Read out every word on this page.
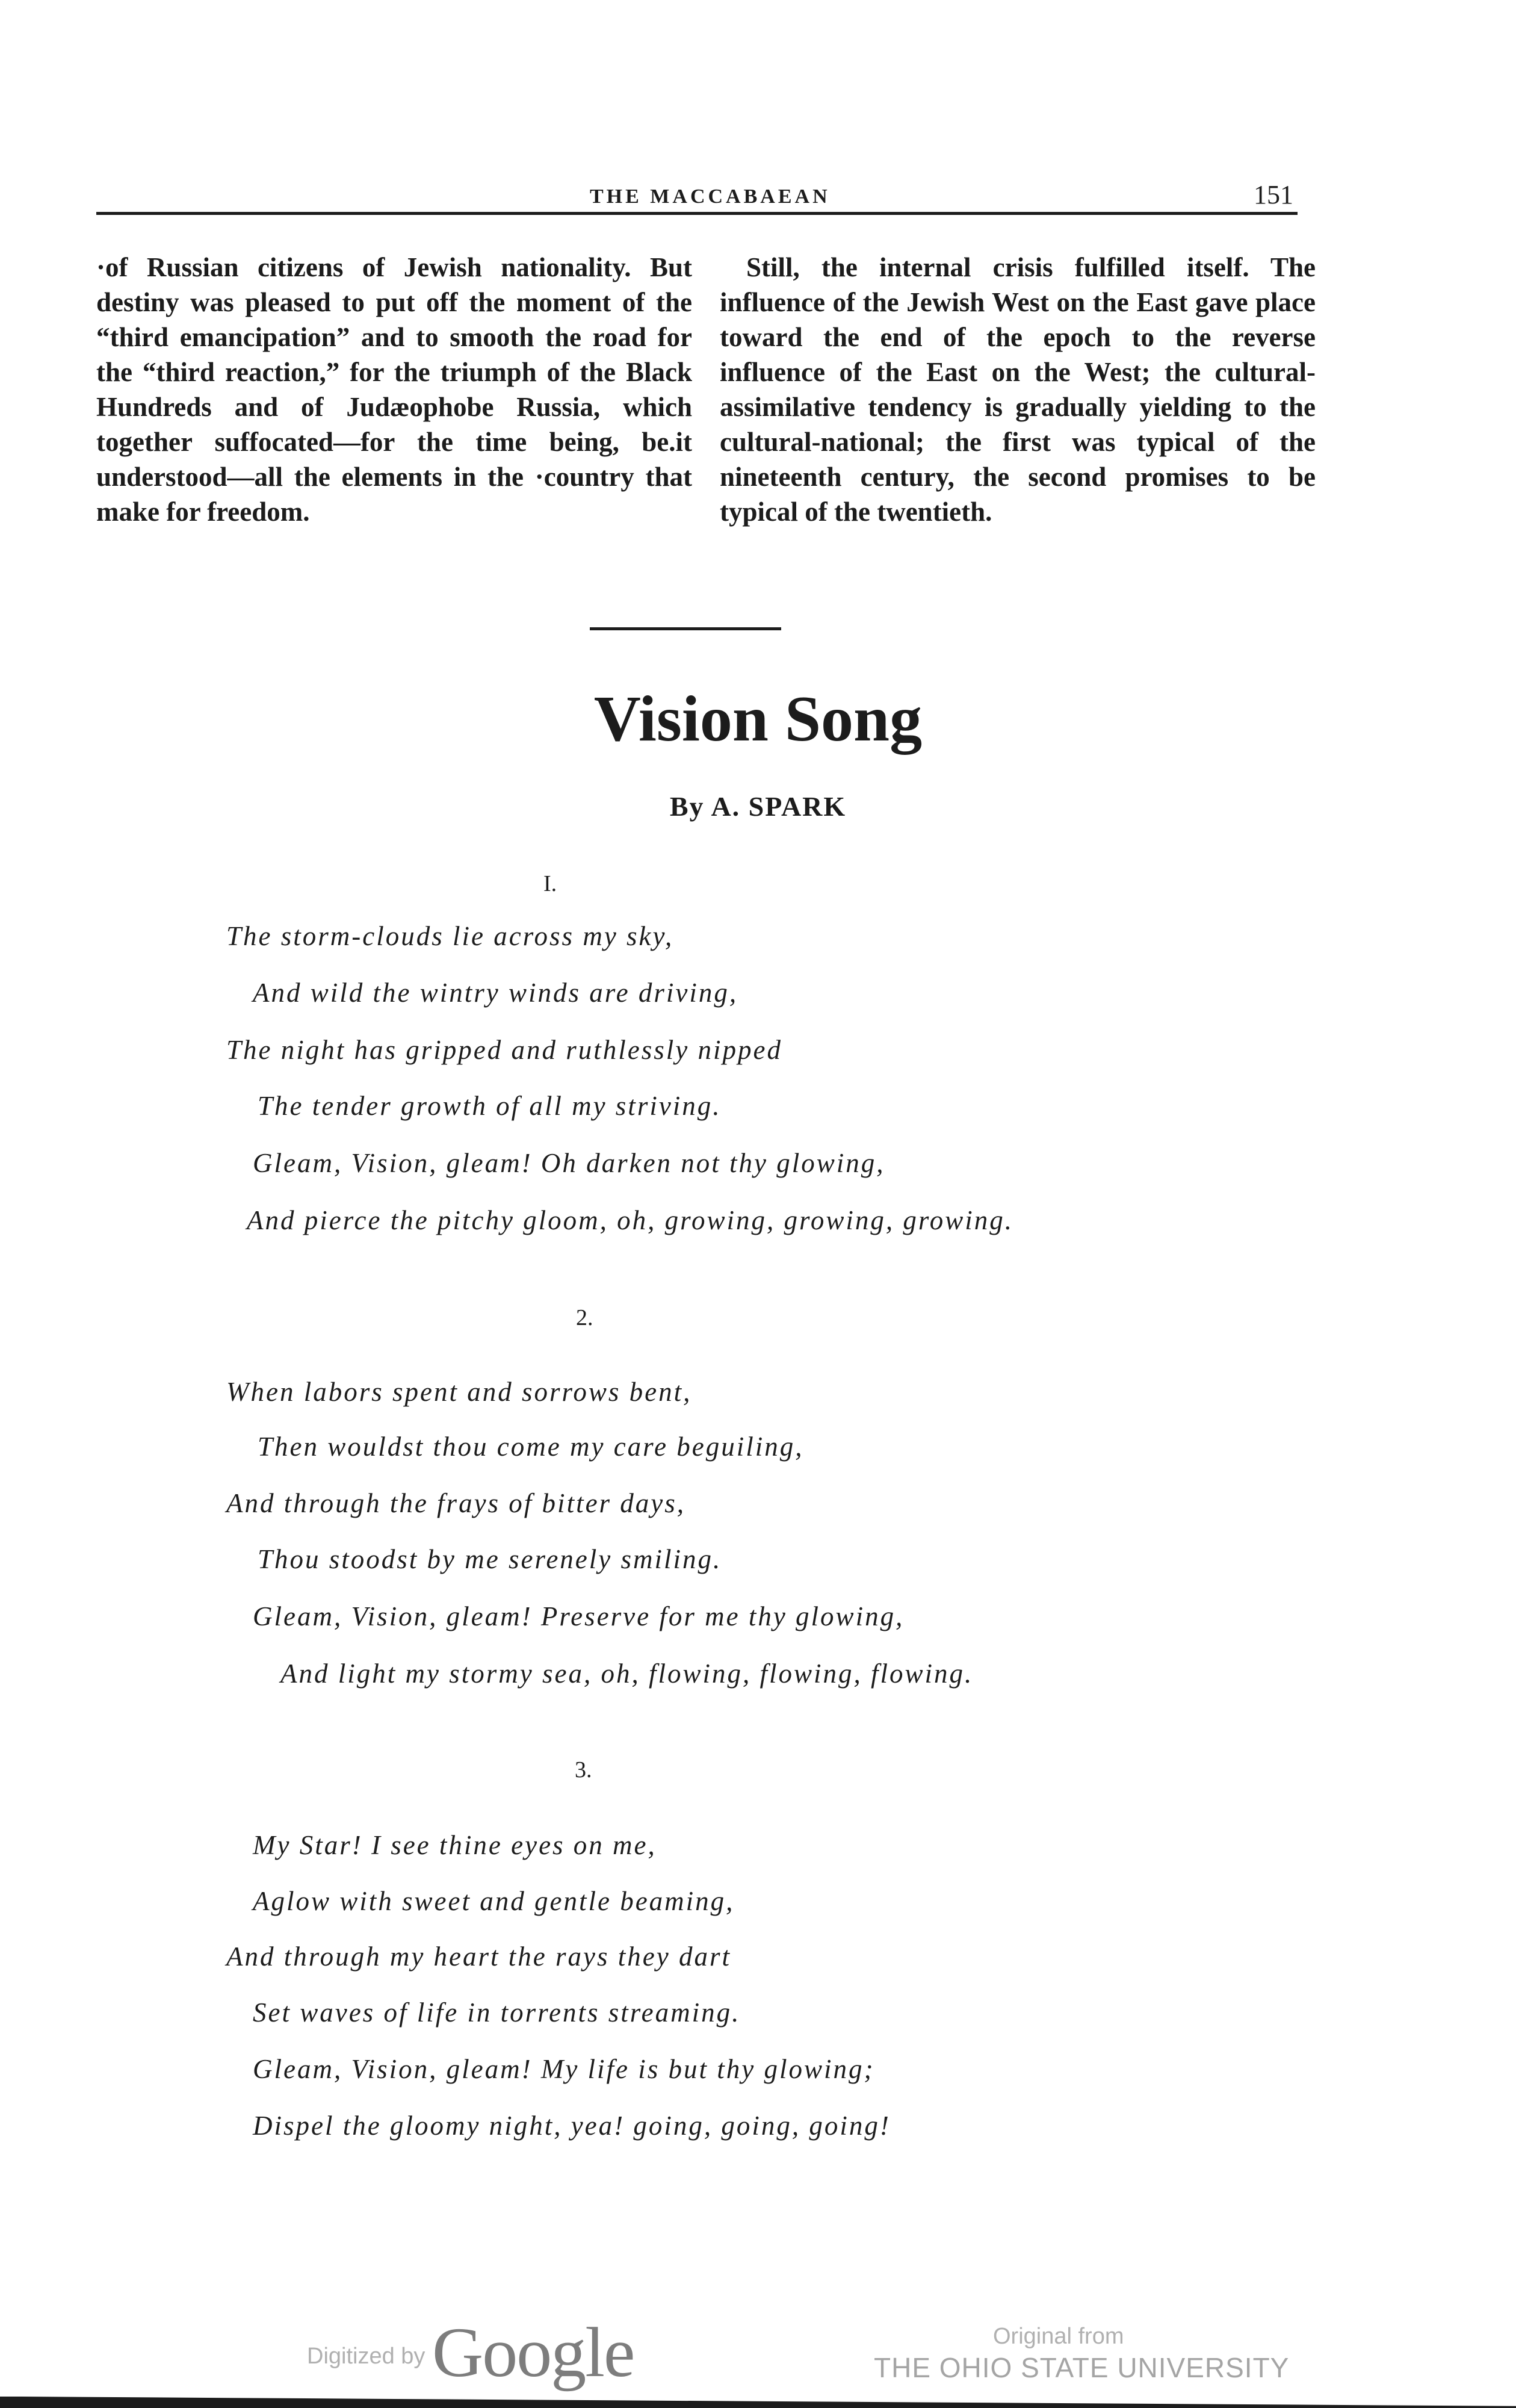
THE MACCABAEAN	151

·of Russian citizens of Jewish nationality. But destiny was pleased to put off the moment of the “third emancipation” and to smooth the road for the “third reaction,” for the triumph of the Black Hundreds and of Judæophobe Russia, which together suffocated—for the time being, be.it understood—all the elements in the ·country that make for freedom.

Still, the internal crisis fulfilled itself. The influence of the Jewish West on the East gave place toward the end of the epoch to the reverse influence of the East on the West; the cultural-assimilative tendency is gradually yielding to the cultural-national; the first was typical of the nineteenth century, the second promises to be typical of the twentieth.

Vision Song
By A. SPARK
I.
The storm-clouds lie across my sky,
And wild the wintry winds are driving,
The night has gripped and ruthlessly nipped
The tender growth of all my striving.
Gleam, Vision, gleam! Oh darken not thy glowing,
And pierce the pitchy gloom, oh, growing, growing, growing.
2.
When labors spent and sorrows bent,
Then wouldst thou come my care beguiling,
And through the frays of bitter days,
Thou stoodst by me serenely smiling.
Gleam, Vision, gleam! Preserve for me thy glowing,
And light my stormy sea, oh, flowing, flowing, flowing.
3.
My Star! I see thine eyes on me,
Aglow with sweet and gentle beaming,
And through my heart the rays they dart
Set waves of life in torrents streaming.
Gleam, Vision, gleam! My life is but thy glowing;
Dispel the gloomy night, yea! going, going, going!
Digitized by Google	Original from
THE OHIO STATE UNIVERSITY
